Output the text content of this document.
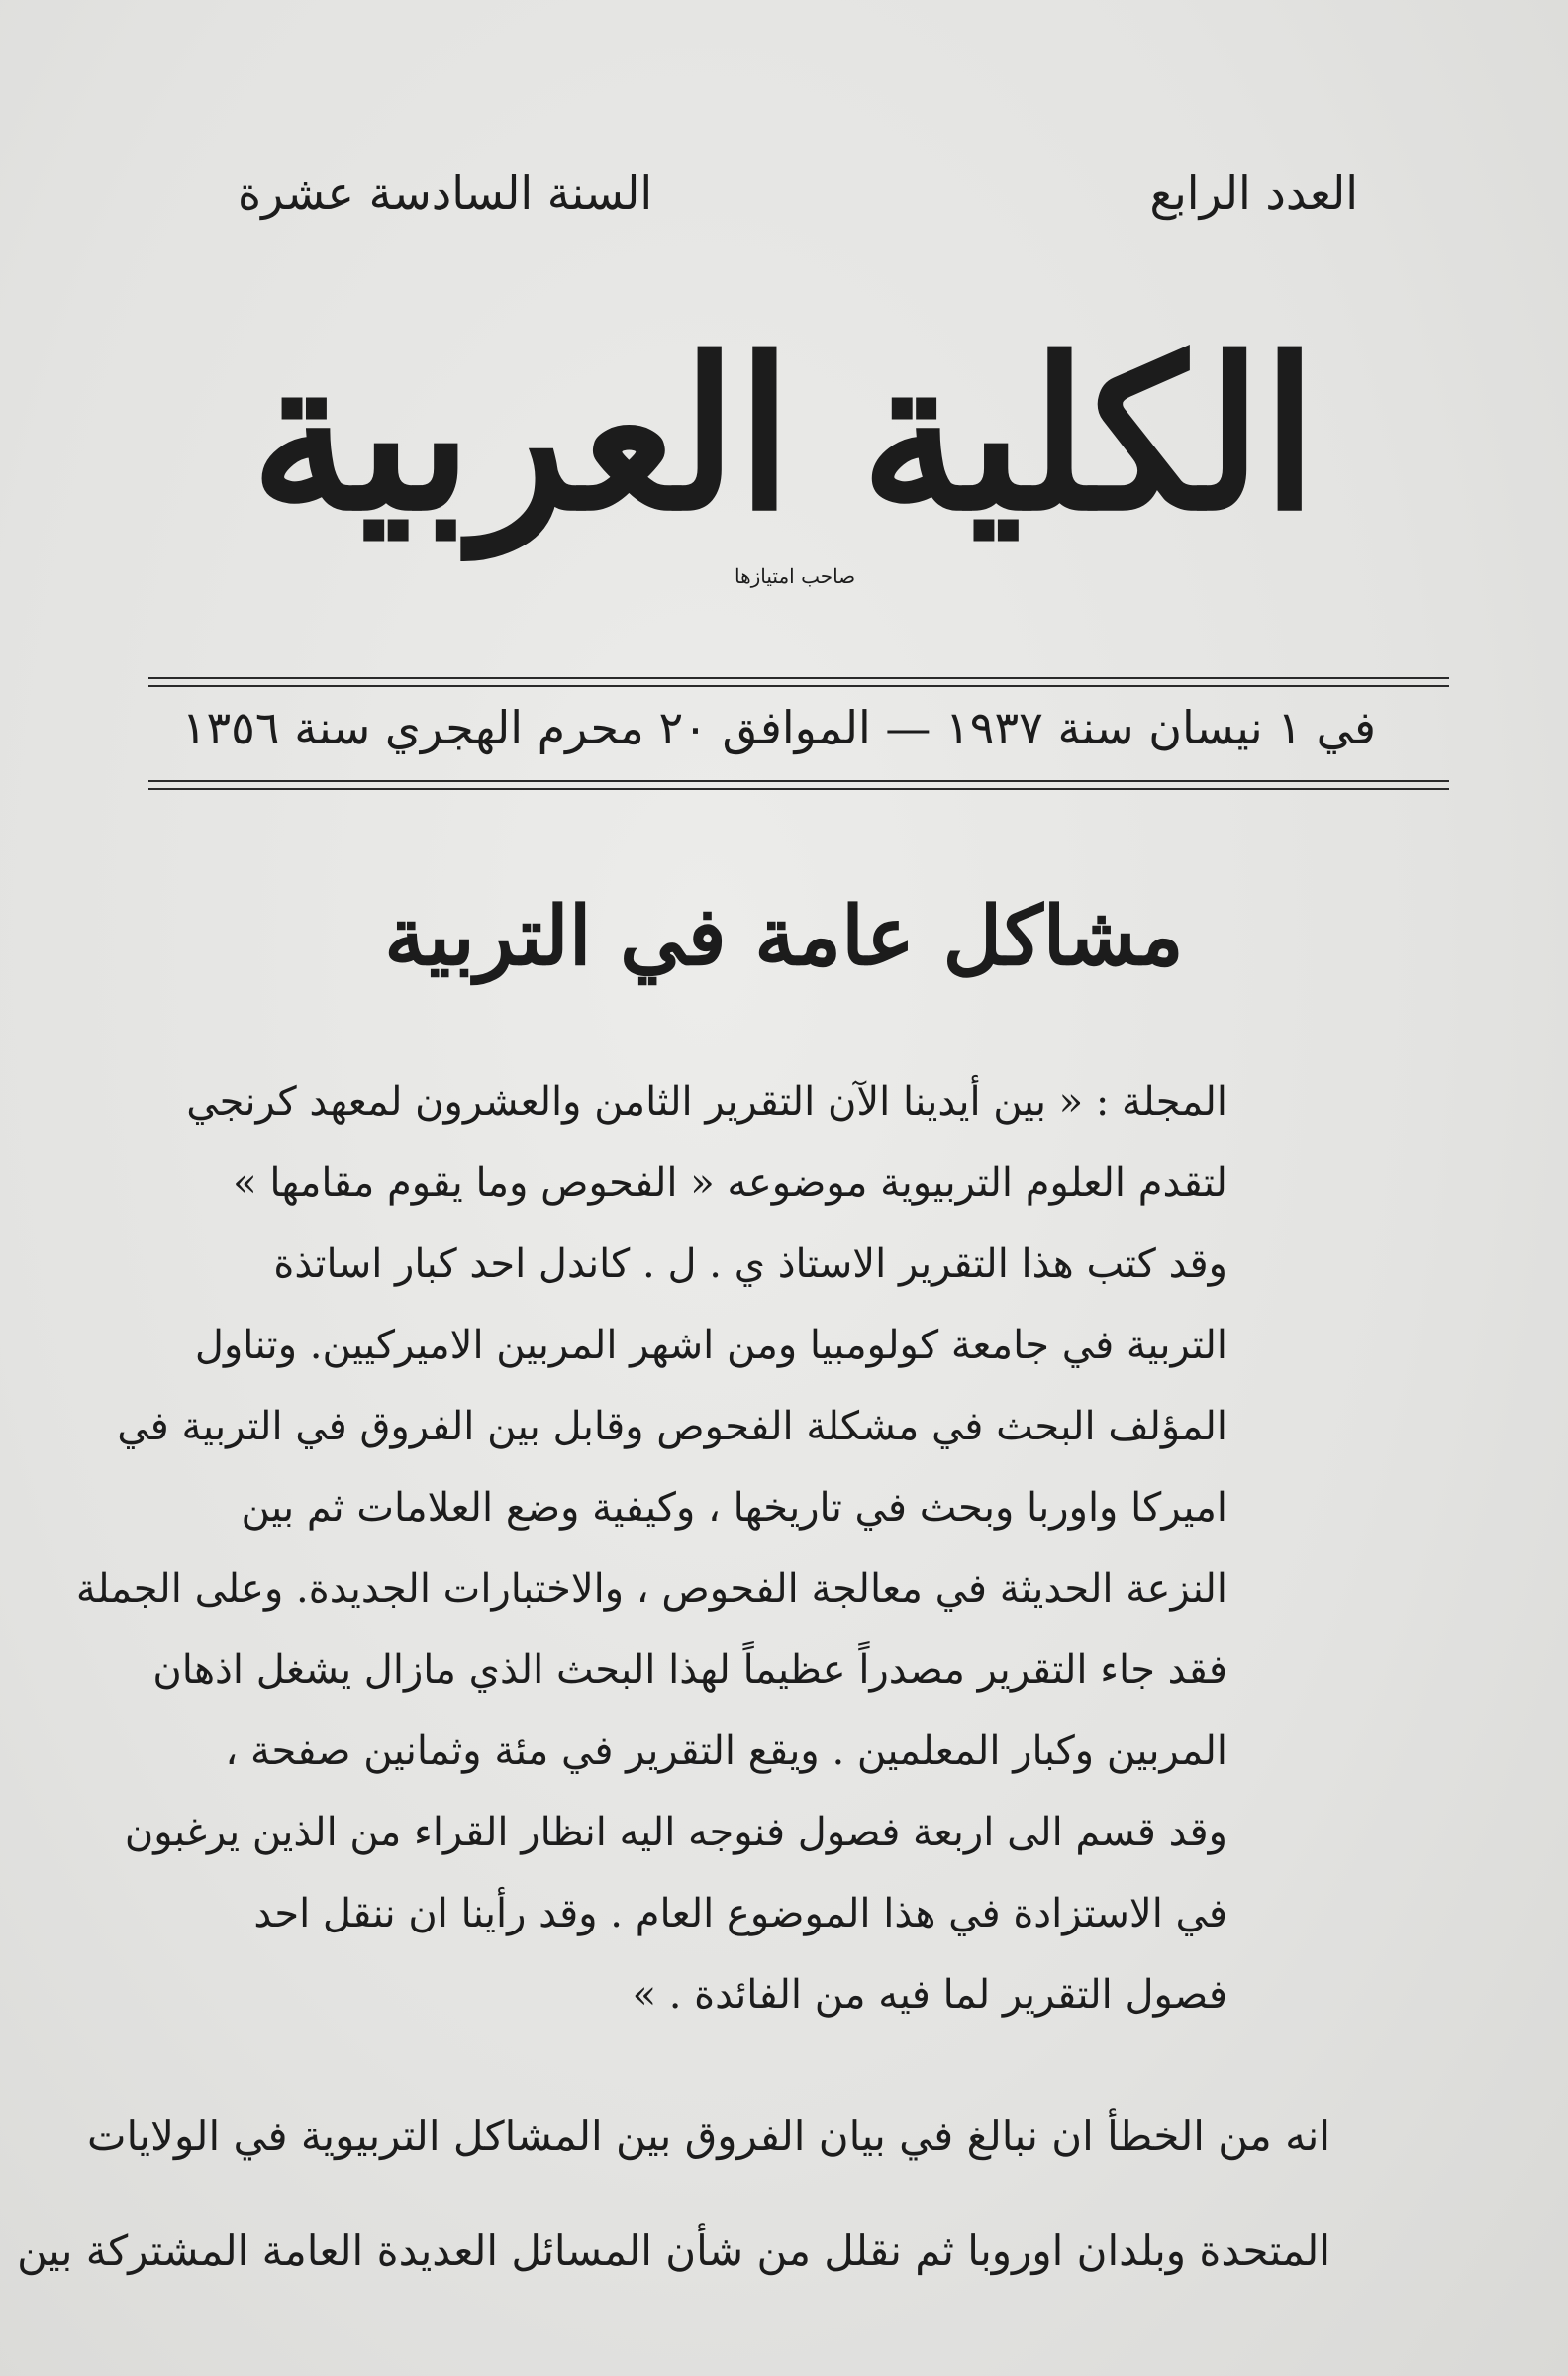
العدد الرابع
السنة السادسة عشرة
الكلية العربية
صاحب امتيازها
في ١ نيسان سنة ١٩٣٧ — الموافق ٢٠ محرم الهجري سنة ١٣٥٦
مشاكل عامة في التربية
المجلة : « بين أيدينا الآن التقرير الثامن والعشرون لمعهد كرنجي
لتقدم العلوم التربيوية موضوعه « الفحوص وما يقوم مقامها »
وقد كتب هذا التقرير الاستاذ ي . ل . كاندل احد كبار اساتذة
التربية في جامعة كولومبيا ومن اشهر المربين الاميركيين. وتناول
المؤلف البحث في مشكلة الفحوص وقابل بين الفروق في التربية في
اميركا واوربا وبحث في تاريخها ، وكيفية وضع العلامات ثم بين
النزعة الحديثة في معالجة الفحوص ، والاختبارات الجديدة. وعلى الجملة
فقد جاء التقرير مصدراً عظيماً لهذا البحث الذي مازال يشغل اذهان
المربين وكبار المعلمين . ويقع التقرير في مئة وثمانين صفحة ،
وقد قسم الى اربعة فصول فنوجه اليه انظار القراء من الذين يرغبون
في الاستزادة في هذا الموضوع العام . وقد رأينا ان ننقل احد
فصول التقرير لما فيه من الفائدة . »
انه من الخطأ ان نبالغ في بيان الفروق بين المشاكل التربيوية في الولايات
المتحدة وبلدان اوروبا ثم نقلل من شأن المسائل العديدة العامة المشتركة بين
